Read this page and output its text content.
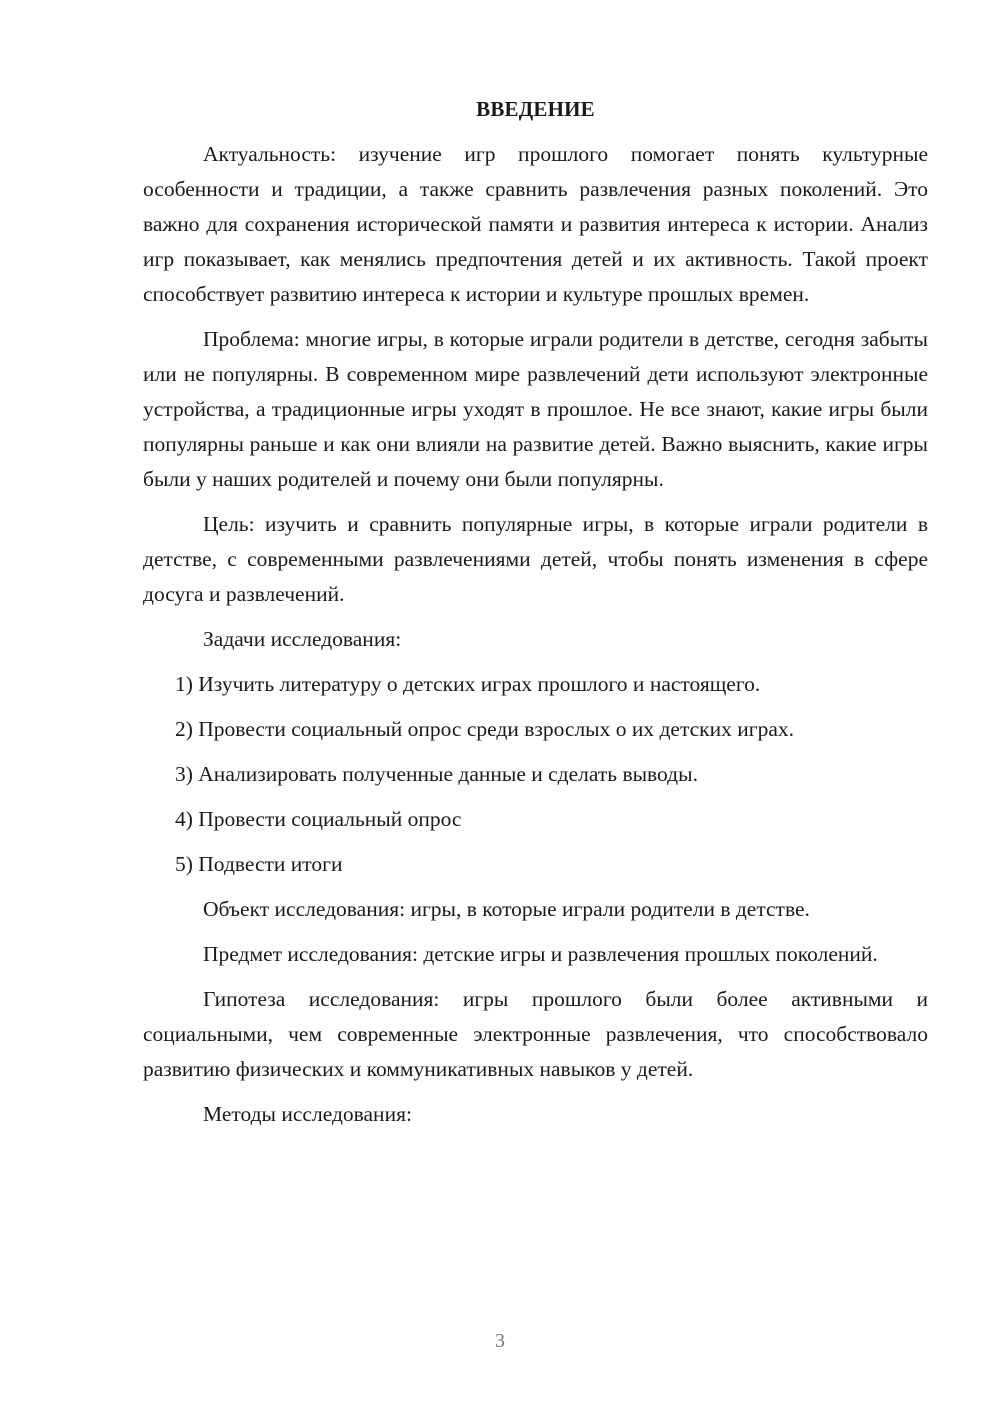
ВВЕДЕНИЕ

Актуальность: изучение игр прошлого помогает понять культурные особенности и традиции, а также сравнить развлечения разных поколений. Это важно для сохранения исторической памяти и развития интереса к истории. Анализ игр показывает, как менялись предпочтения детей и их активность. Такой проект способствует развитию интереса к истории и культуре прошлых времен.

Проблема: многие игры, в которые играли родители в детстве, сегодня забыты или не популярны. В современном мире развлечений дети используют электронные устройства, а традиционные игры уходят в прошлое. Не все знают, какие игры были популярны раньше и как они влияли на развитие детей. Важно выяснить, какие игры были у наших родителей и почему они были популярны.

Цель: изучить и сравнить популярные игры, в которые играли родители в детстве, с современными развлечениями детей, чтобы понять изменения в сфере досуга и развлечений.

Задачи исследования:

1) Изучить литературу о детских играх прошлого и настоящего.

2) Провести социальный опрос среди взрослых о их детских играх.

3) Анализировать полученные данные и сделать выводы.

4) Провести социальный опрос

5) Подвести итоги

Объект исследования: игры, в которые играли родители в детстве.

Предмет исследования: детские игры и развлечения прошлых поколений.

Гипотеза исследования: игры прошлого были более активными и социальными, чем современные электронные развлечения, что способствовало развитию физических и коммуникативных навыков у детей.

Методы исследования:

3
